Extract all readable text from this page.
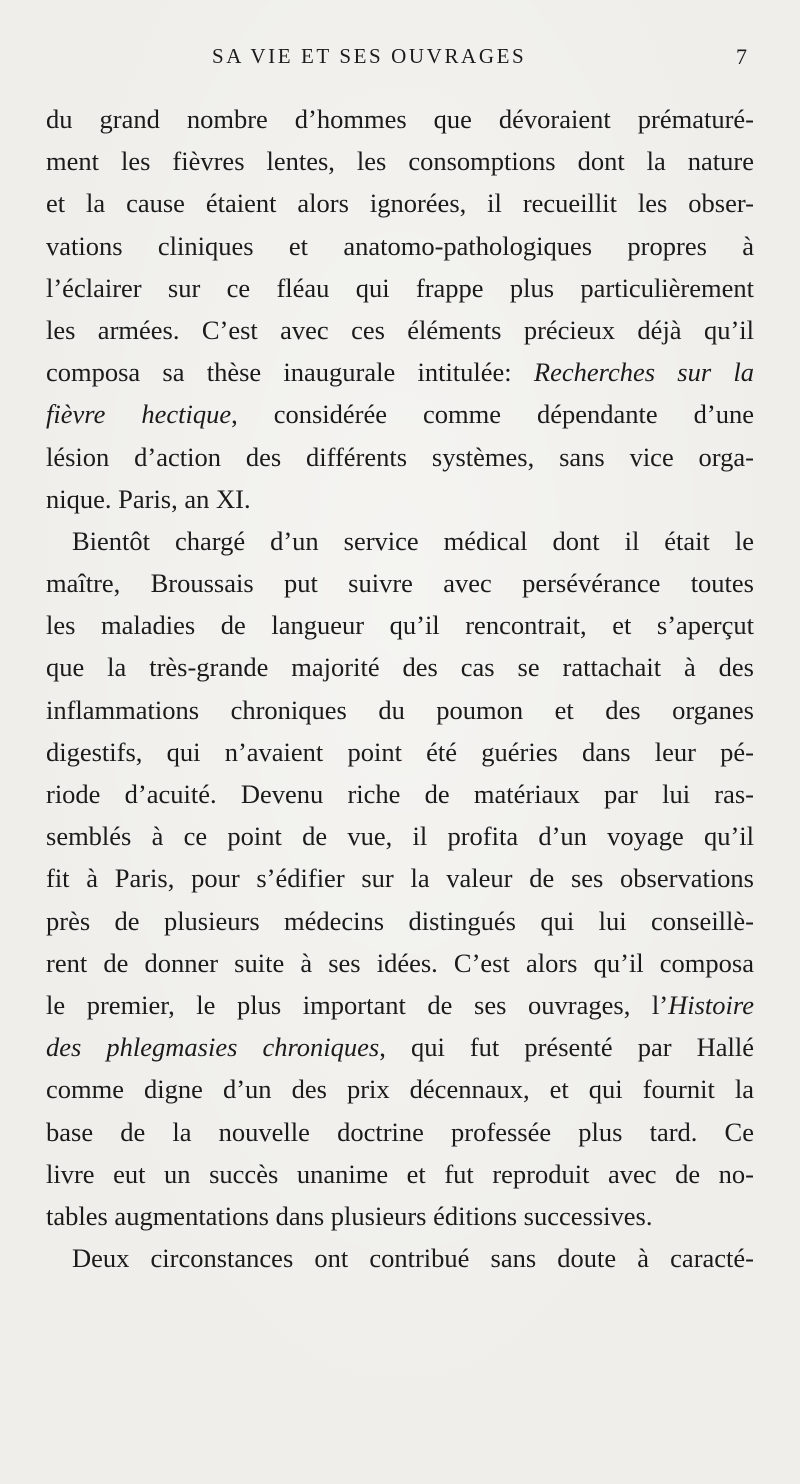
SA VIE ET SES OUVRAGES	7
du grand nombre d’hommes que dévoraient prématuré-
ment les fièvres lentes, les consomptions dont la nature
et la cause étaient alors ignorées, il recueillit les obser-
vations cliniques et anatomo-pathologiques propres à
l’éclairer sur ce fléau qui frappe plus particulièrement
les armées. C’est avec ces éléments précieux déjà qu’il
composa sa thèse inaugurale intitulée: Recherches sur la
fièvre hectique, considérée comme dépendante d’une
lésion d’action des différents systèmes, sans vice orga-
nique. Paris, an XI.
Bientôt chargé d’un service médical dont il était le
maître, Broussais put suivre avec persévérance toutes
les maladies de langueur qu’il rencontrait, et s’aperçut
que la très-grande majorité des cas se rattachait à des
inflammations chroniques du poumon et des organes
digestifs, qui n’avaient point été guéries dans leur pé-
riode d’acuité. Devenu riche de matériaux par lui ras-
semblés à ce point de vue, il profita d’un voyage qu’il
fit à Paris, pour s’édifier sur la valeur de ses observations
près de plusieurs médecins distingués qui lui conseillè-
rent de donner suite à ses idées. C’est alors qu’il composa
le premier, le plus important de ses ouvrages, l’Histoire
des phlegmasies chroniques, qui fut présenté par Hallé
comme digne d’un des prix décennaux, et qui fournit la
base de la nouvelle doctrine professée plus tard. Ce
livre eut un succès unanime et fut reproduit avec de no-
tables augmentations dans plusieurs éditions successives.
Deux circonstances ont contribué sans doute à caracté-
